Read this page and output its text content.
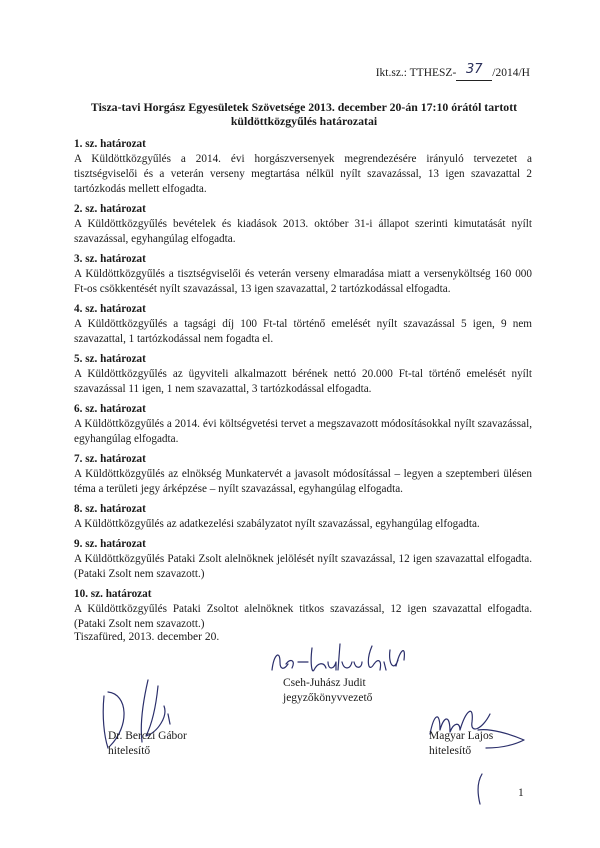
Ikt.sz.: TTHESZ- 37 /2014/H
Tisza-tavi Horgász Egyesületek Szövetsége 2013. december 20-án 17:10 órától tartott
küldöttközgyűlés határozatai
1. sz. határozat

A Küldöttközgyűlés a 2014. évi horgászversenyek megrendezésére irányuló tervezetet a tisztségviselői és a veterán verseny megtartása nélkül nyílt szavazással, 13 igen szavazattal 2 tartózkodás mellett elfogadta.

2. sz. határozat

A Küldöttközgyűlés bevételek és kiadások 2013. október 31-i állapot szerinti kimutatását nyílt szavazással, egyhangúlag elfogadta.

3. sz. határozat

A Küldöttközgyűlés a tisztségviselői és veterán verseny elmaradása miatt a versenyköltség 160 000 Ft-os csökkentését nyílt szavazással, 13 igen szavazattal, 2 tartózkodással elfogadta.

4. sz. határozat

A Küldöttközgyűlés a tagsági díj 100 Ft-tal történő emelését nyílt szavazással 5 igen, 9 nem szavazattal, 1 tartózkodással nem fogadta el.

5. sz. határozat

A Küldöttközgyűlés az ügyviteli alkalmazott bérének nettó 20.000 Ft-tal történő emelését nyílt szavazással 11 igen, 1 nem szavazattal, 3 tartózkodással elfogadta.

6. sz. határozat

A Küldöttközgyűlés a 2014. évi költségvetési tervet a megszavazott módosításokkal nyílt szavazással, egyhangúlag elfogadta.

7. sz. határozat

A Küldöttközgyűlés az elnökség Munkatervét a javasolt módosítással – legyen a szeptemberi ülésen téma a területi jegy árképzése – nyílt szavazással, egyhangúlag elfogadta.

8. sz. határozat

A Küldöttközgyűlés az adatkezelési szabályzatot nyílt szavazással, egyhangúlag elfogadta.

9. sz. határozat

A Küldöttközgyűlés Pataki Zsolt alelnöknek jelölését nyílt szavazással, 12 igen szavazattal elfogadta. (Pataki Zsolt nem szavazott.)

10. sz. határozat

A Küldöttközgyűlés Pataki Zsoltot alelnöknek titkos szavazással, 12 igen szavazattal elfogadta. (Pataki Zsolt nem szavazott.)

Tiszafüred, 2013. december 20.
Cseh-Juhász Judit
jegyzőkönyvvezető
Dr. Berczi Gábor
hitelesítő
Magyar Lajos
hitelesítő
1
